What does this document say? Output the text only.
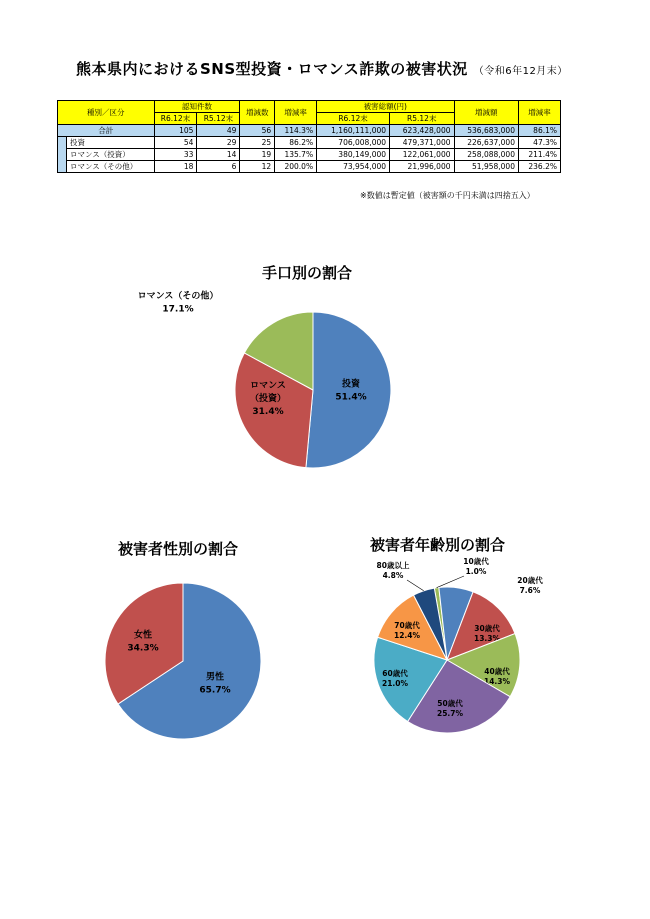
熊本県内におけるSNS型投資・ロマンス詐欺の被害状況 （令和6年12月末）
種別／区分		認知件数		増減数	増減率	被害総額(円)		増減額	増減率
		R6.12末	R5.12末			R6.12末	R5.12末		
合計		105	49	56	114.3%	1,160,111,000	623,428,000	536,683,000	86.1%
	投資	54	29	25	86.2%	706,008,000	479,371,000	226,637,000	47.3%
	ロマンス（投資）	33	14	19	135.7%	380,149,000	122,061,000	258,088,000	211.4%
	ロマンス（その他）	18	6	12	200.0%	73,954,000	21,996,000	51,958,000	236.2%
※数値は暫定値（被害額の千円未満は四捨五入）
手口別の割合
投資 51.4%
ロマンス（投資） 31.4%
ロマンス（その他） 17.1%
被害者性別の割合
男性 65.7%
女性 34.3%
被害者年齢別の割合
10歳代 1.0%
20歳代 7.6%
30歳代 13.3%
40歳代 14.3%
50歳代 25.7%
60歳代 21.0%
70歳代 12.4%
80歳以上 4.8%
